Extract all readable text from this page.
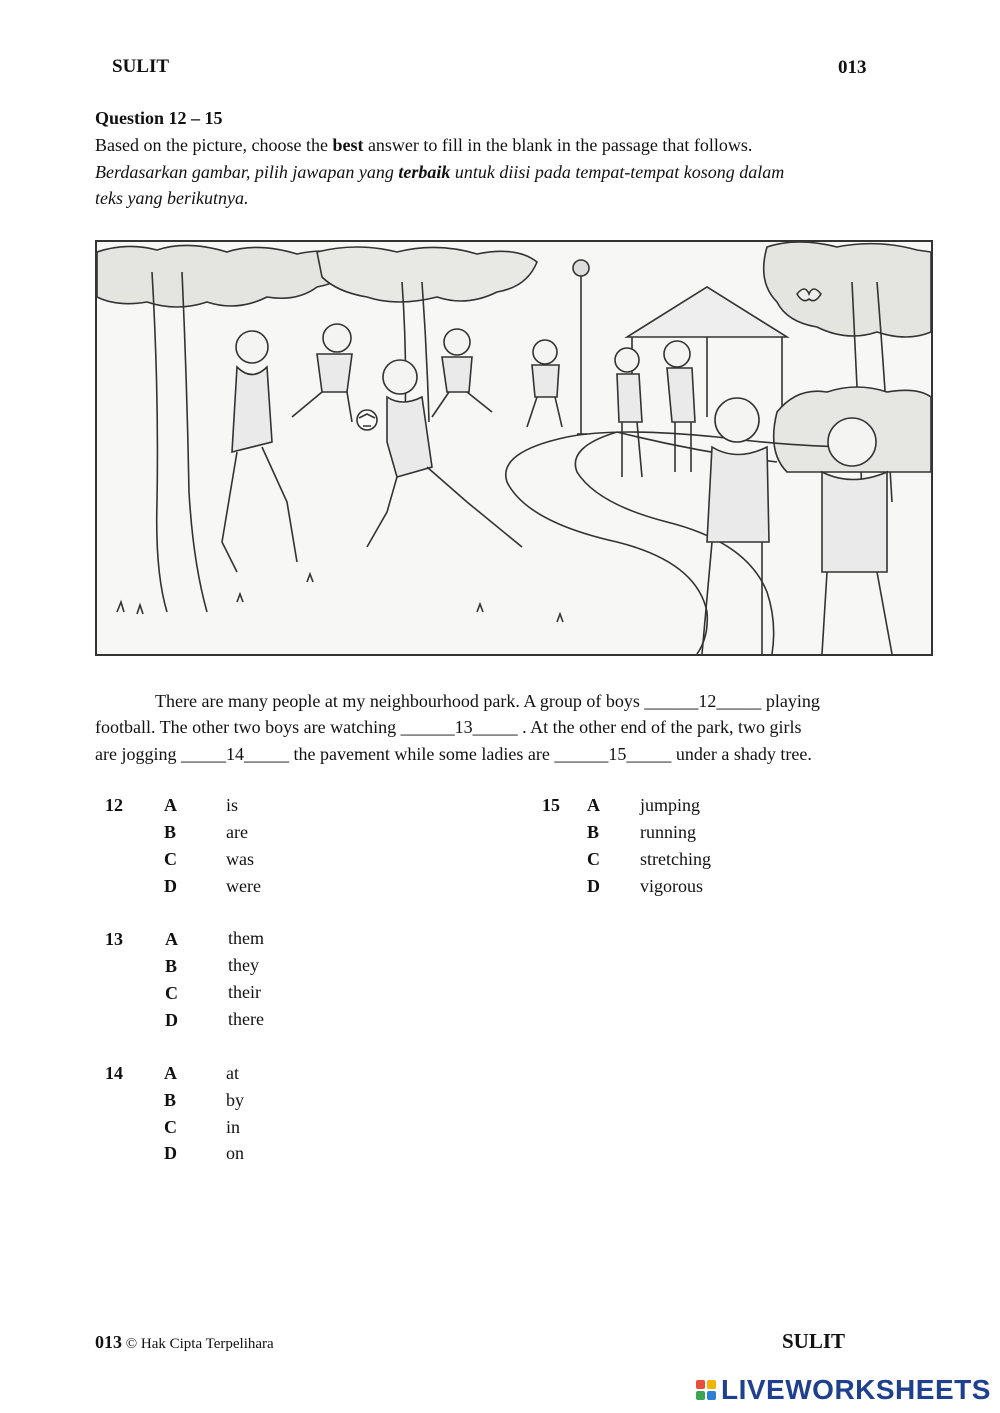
SULIT	013
Question 12 – 15
Based on the picture, choose the best answer to fill in the blank in the passage that follows.
Berdasarkan gambar, pilih jawapan yang terbaik untuk diisi pada tempat-tempat kosong dalam
teks yang berikutnya.
There are many people at my neighbourhood park. A group of boys ______12_____ playing
football. The other two boys are watching ______13_____ . At the other end of the park, two girls
are jogging _____14_____ the pavement while some ladies are ______15_____ under a shady tree.
12 A	is
B	are
C	was
D	were
13 A	them
B	they
C	their
D	there
14 A	at
B	by
C	in
D	on
15 A jumping
B running
C stretching
D vigorous
013 © Hak Cipta Terpelihara	SULIT
LIVEWORKSHEETS
